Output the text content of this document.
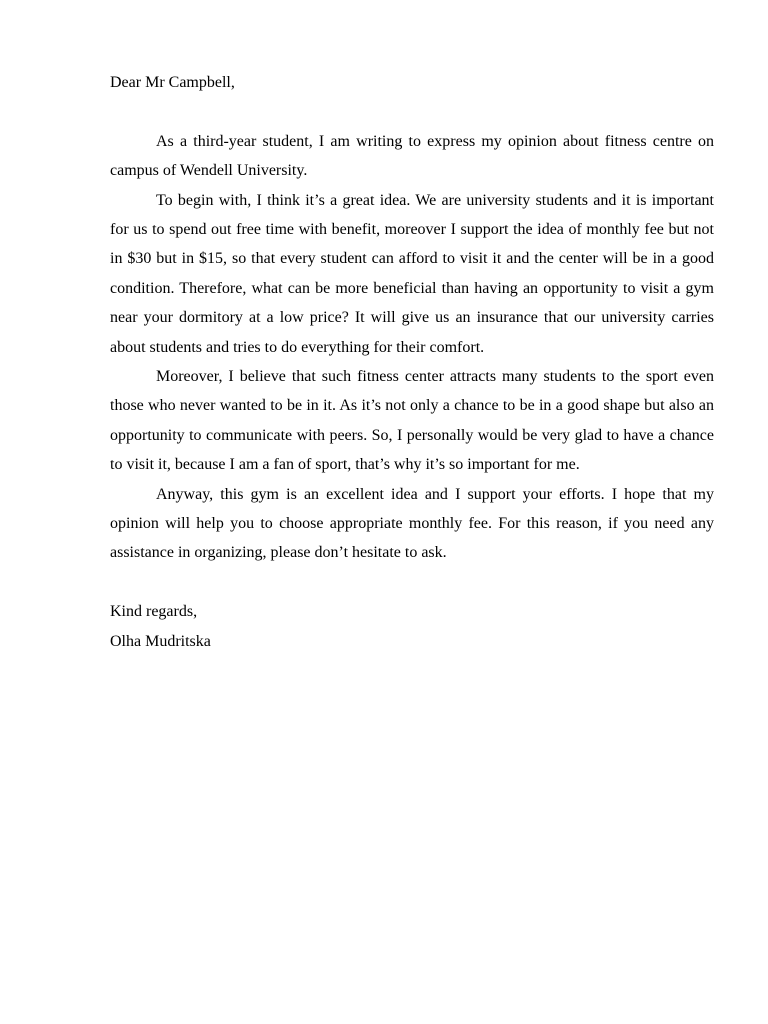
Dear Mr Campbell,

As a third-year student, I am writing to express my opinion about fitness centre on campus of Wendell University.

To begin with, I think it’s a great idea. We are university students and it is important for us to spend out free time with benefit, moreover I support the idea of monthly fee but not in $30 but in $15, so that every student can afford to visit it and the center will be in a good condition. Therefore, what can be more beneficial than having an opportunity to visit a gym near your dormitory at a low price? It will give us an insurance that our university carries about students and tries to do everything for their comfort.

Moreover, I believe that such fitness center attracts many students to the sport even those who never wanted to be in it. As it’s not only a chance to be in a good shape but also an opportunity to communicate with peers. So, I personally would be very glad to have a chance to visit it, because I am a fan of sport, that’s why it’s so important for me.

Anyway, this gym is an excellent idea and I support your efforts. I hope that my opinion will help you to choose appropriate monthly fee. For this reason, if you need any assistance in organizing, please don’t hesitate to ask.

Kind regards,

Olha Mudritska
